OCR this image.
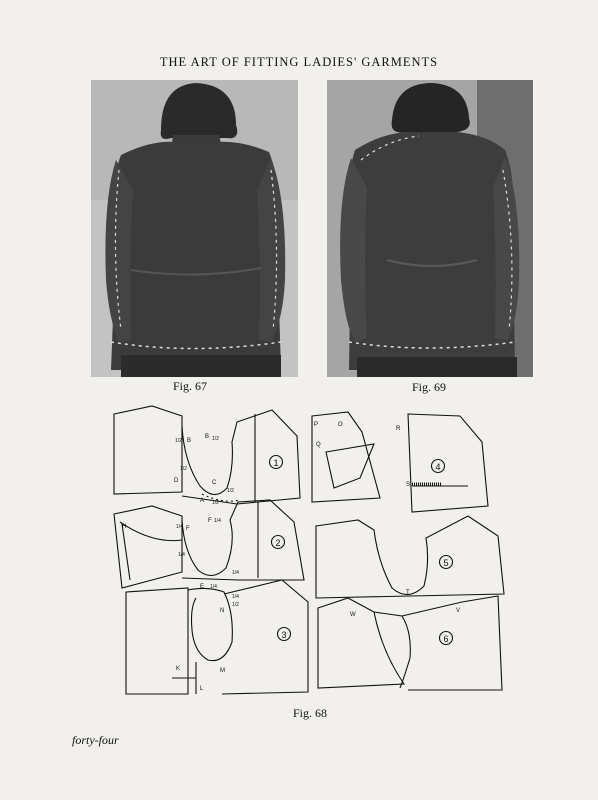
THE ART OF FITTING LADIES' GARMENTS
Fig. 67	Fig. 69
1
B
B
C
D
A
1/2	1/2
1/2
1/2
1/2
2
H	F
F
E
1/4
1/4
1/4
1/4
1/4
3
N
K
L
M
1/4
1/2
P	O
Q
4
R
S
5
T
6
W
V
Fig. 68
forty-four
